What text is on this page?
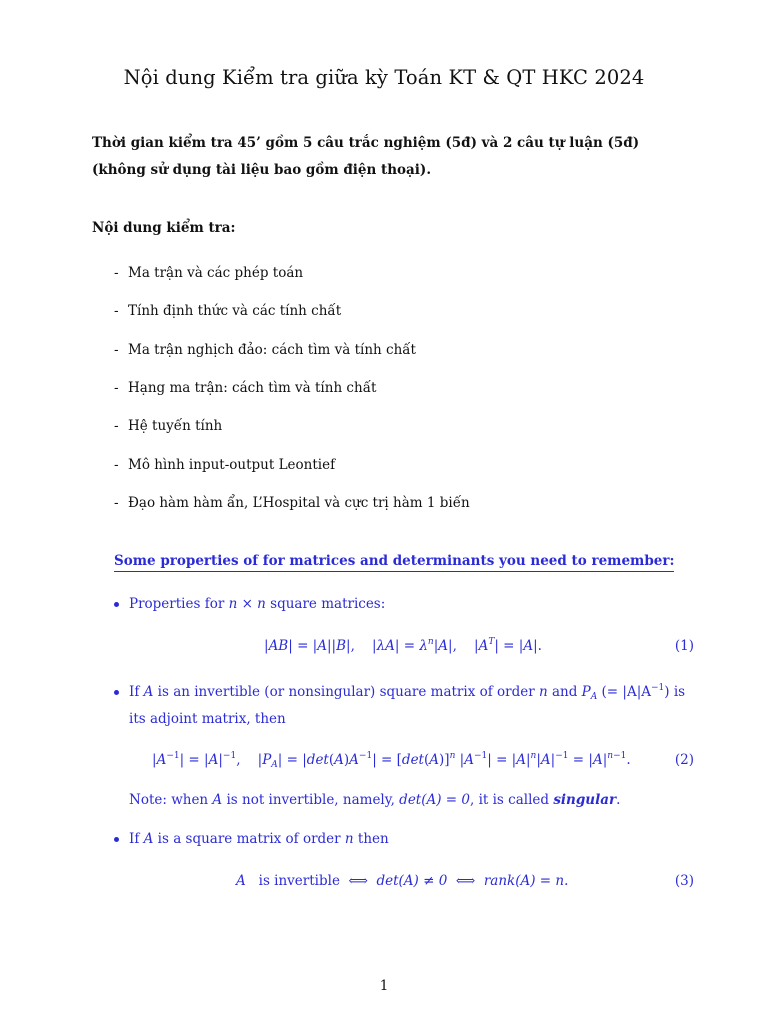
Nội dung Kiểm tra giữa kỳ Toán KT & QT HKC 2024
Thời gian kiểm tra 45’ gồm 5 câu trắc nghiệm (5đ) và 2 câu tự luận (5đ) (không sử dụng tài liệu bao gồm điện thoại).
Nội dung kiểm tra:
- Ma trận và các phép toán
- Tính định thức và các tính chất
- Ma trận nghịch đảo: cách tìm và tính chất
- Hạng ma trận: cách tìm và tính chất
- Hệ tuyến tính
- Mô hình input-output Leontief
- Đạo hàm hàm ẩn, L’Hospital và cực trị hàm 1 biến
Some properties of for matrices and determinants you need to remember:
Properties for n × n square matrices:
|AB| = |A||B|,    $|\lambda A| = \lambda^n|A|$,    $|A^T| = |A|$.	(1)
If A is an invertible (or nonsingular) square matrix of order n and $P_A$ (= $|A|A^{-1}$) is its adjoint matrix, then
$|A^{-1}| = |A|^{-1}$,    $|P_A| = |\det(A)A^{-1}| = [\det(A)]^n$ $|A^{-1}| = |A|^n|A|^{-1} = |A|^{n-1}$.	(2)
Note: when A is not invertible, namely, det(A) = 0, it is called singular.
If A is a square matrix of order n then
A is invertible  ⟺  det(A) ≠ 0  ⟺  rank(A) = n.	(3)
1
